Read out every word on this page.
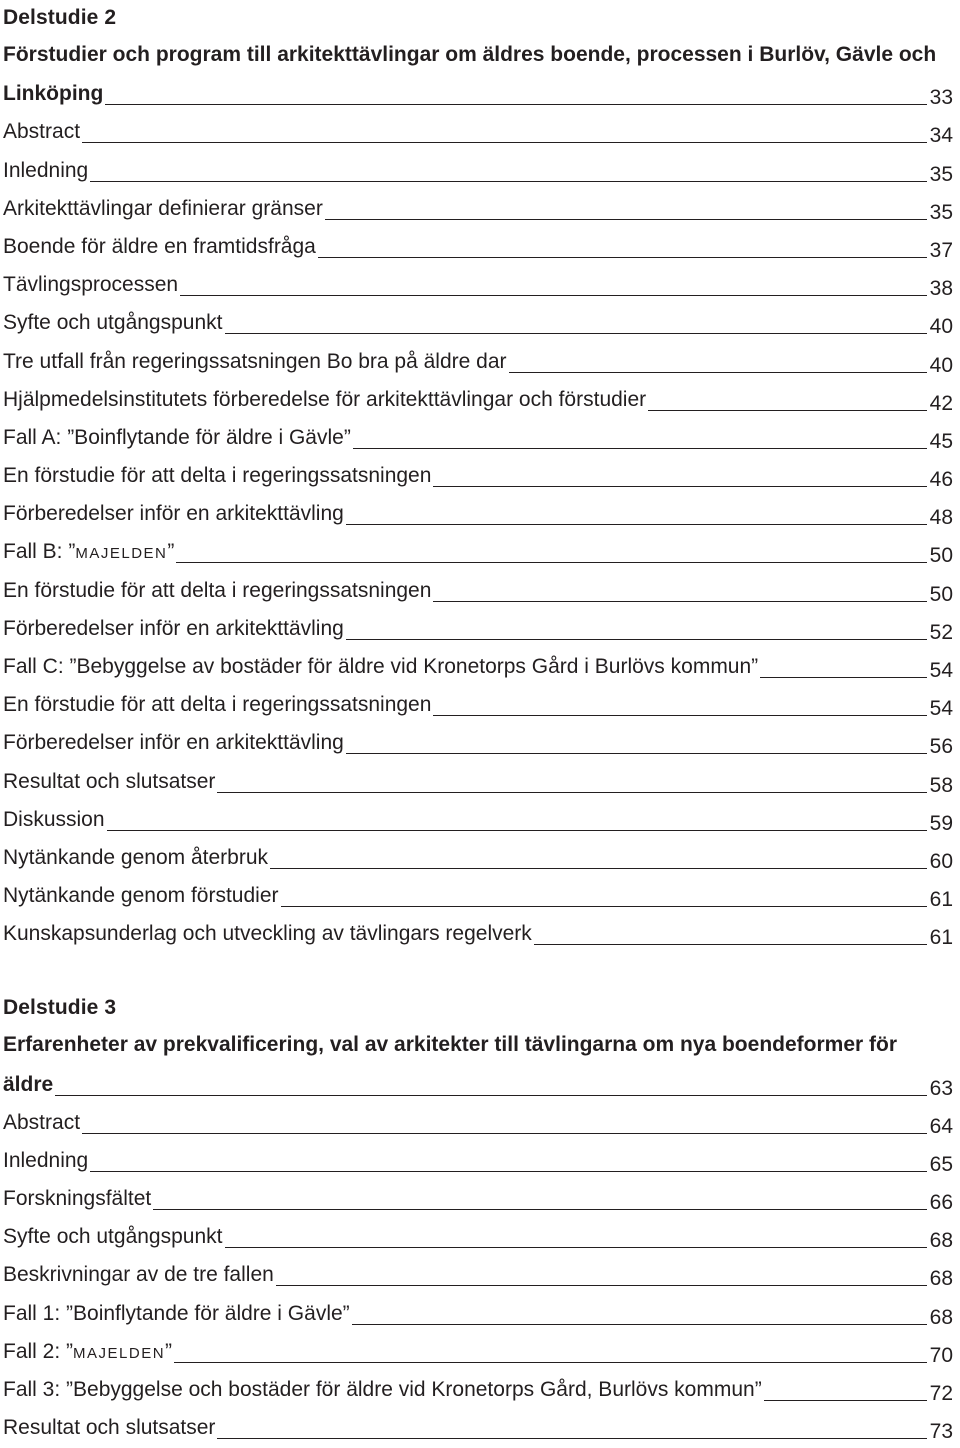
Delstudie 2
Förstudier och program till arkitekttävlingar om äldres boende, processen i Burlöv, Gävle och
Linköping	33
Abstract	34
Inledning	35
Arkitekttävlingar definierar gränser	35
Boende för äldre en framtidsfråga	37
Tävlingsprocessen	38
Syfte och utgångspunkt	40
Tre utfall från regeringssatsningen Bo bra på äldre dar	40
Hjälpmedelsinstitutets förberedelse för arkitekttävlingar och förstudier	42
Fall A: ”Boinflytande för äldre i Gävle”	45
En förstudie för att delta i regeringssatsningen	46
Förberedelser inför en arkitekttävling	48
Fall B: ”majelden”	50
En förstudie för att delta i regeringssatsningen	50
Förberedelser inför en arkitekttävling	52
Fall C: ”Bebyggelse av bostäder för äldre vid Kronetorps Gård i Burlövs kommun”	54
En förstudie för att delta i regeringssatsningen	54
Förberedelser inför en arkitekttävling	56
Resultat och slutsatser	58
Diskussion	59
Nytänkande genom återbruk	60
Nytänkande genom förstudier	61
Kunskapsunderlag och utveckling av tävlingars regelverk	61
Delstudie 3
Erfarenheter av prekvalificering, val av arkitekter till tävlingarna om nya boendeformer för
äldre	63
Abstract	64
Inledning	65
Forskningsfältet	66
Syfte och utgångspunkt	68
Beskrivningar av de tre fallen	68
Fall 1: ”Boinflytande för äldre i Gävle”	68
Fall 2: ”majelden”	70
Fall 3: ”Bebyggelse och bostäder för äldre vid Kronetorps Gård, Burlövs kommun”	72
Resultat och slutsatser	73
